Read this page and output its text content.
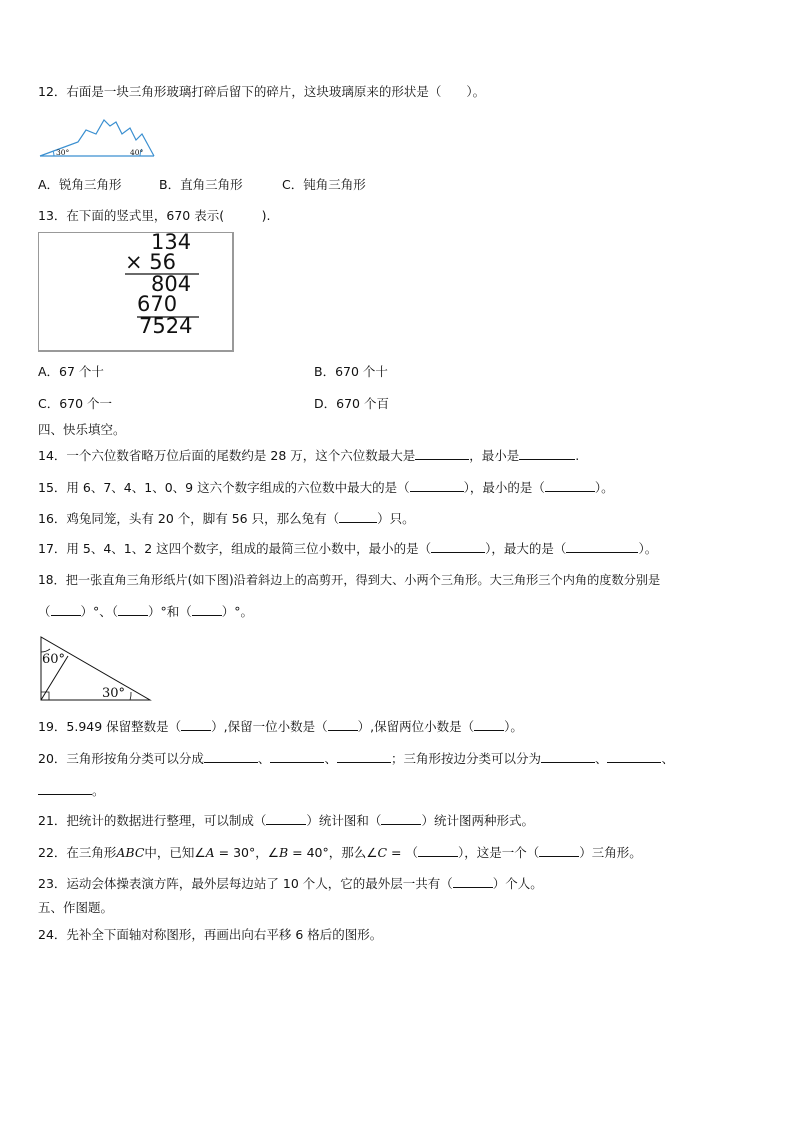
12．右面是一块三角形玻璃打碎后留下的碎片，这块玻璃原来的形状是（　　）。
30°	40°
A．锐角三角形	B．直角三角形	C．钝角三角形
13．在下面的竖式里，670 表示(　　　).
134
× 56
804
670
7524
A．67 个十	B．670 个十
C．670 个一	D．670 个百
四、快乐填空。
14．一个六位数省略万位后面的尾数约是 28 万，这个六位数最大是	，最小是	.
15．用 6、7、4、1、0、9 这六个数字组成的六位数中最大的是（	），最小的是（	）。
16．鸡兔同笼，头有 20 个，脚有 56 只，那么兔有（	）只。
17．用 5、4、1、2 这四个数字，组成的最简三位小数中，最小的是（	），最大的是（	）。
18．把一张直角三角形纸片(如下图)沿着斜边上的高剪开，得到大、小两个三角形。大三角形三个内角的度数分别是
（ ）°、（ ）°和（ ）°。
60°
30°
19．5.949 保留整数是（ ）,保留一位小数是（ ）,保留两位小数是（ ）。
20．三角形按角分类可以分成	、	、	；三角形按边分类可以分为	、	、
。
21．把统计的数据进行整理，可以制成（	）统计图和（	）统计图两种形式。
22．在三角形ABC中，已知∠A = 30°，∠B = 40°，那么∠C = （	），这是一个（	）三角形。
23．运动会体操表演方阵，最外层每边站了 10 个人，它的最外层一共有（	）个人。
五、作图题。
24．先补全下面轴对称图形，再画出向右平移 6 格后的图形。
